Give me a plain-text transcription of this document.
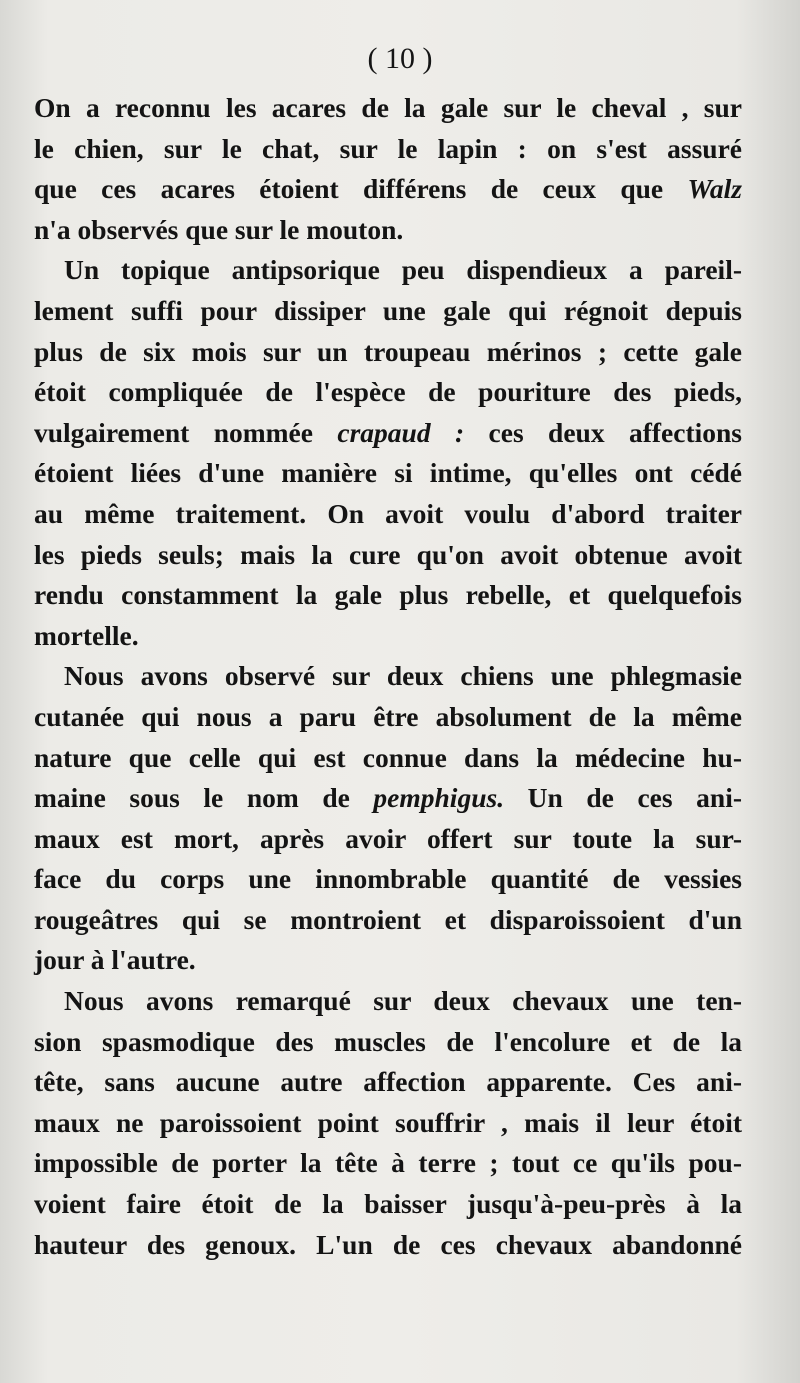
( 10 )
On a reconnu les acares de la gale sur le cheval , sur
le chien, sur le chat, sur le lapin : on s'est assuré
que ces acares étoient différens de ceux que Walz
n'a observés que sur le mouton.
Un topique antipsorique peu dispendieux a pareil-
lement suffi pour dissiper une gale qui régnoit depuis
plus de six mois sur un troupeau mérinos ; cette gale
étoit compliquée de l'espèce de pouriture des pieds,
vulgairement nommée crapaud : ces deux affections
étoient liées d'une manière si intime, qu'elles ont cédé
au même traitement. On avoit voulu d'abord traiter
les pieds seuls; mais la cure qu'on avoit obtenue avoit
rendu constamment la gale plus rebelle, et quelquefois
mortelle.
Nous avons observé sur deux chiens une phlegmasie
cutanée qui nous a paru être absolument de la même
nature que celle qui est connue dans la médecine hu-
maine sous le nom de pemphigus. Un de ces ani-
maux est mort, après avoir offert sur toute la sur-
face du corps une innombrable quantité de vessies
rougeâtres qui se montroient et disparoissoient d'un
jour à l'autre.
Nous avons remarqué sur deux chevaux une ten-
sion spasmodique des muscles de l'encolure et de la
tête, sans aucune autre affection apparente. Ces ani-
maux ne paroissoient point souffrir , mais il leur étoit
impossible de porter la tête à terre ; tout ce qu'ils pou-
voient faire étoit de la baisser jusqu'à-peu-près à la
hauteur des genoux. L'un de ces chevaux abandonné
